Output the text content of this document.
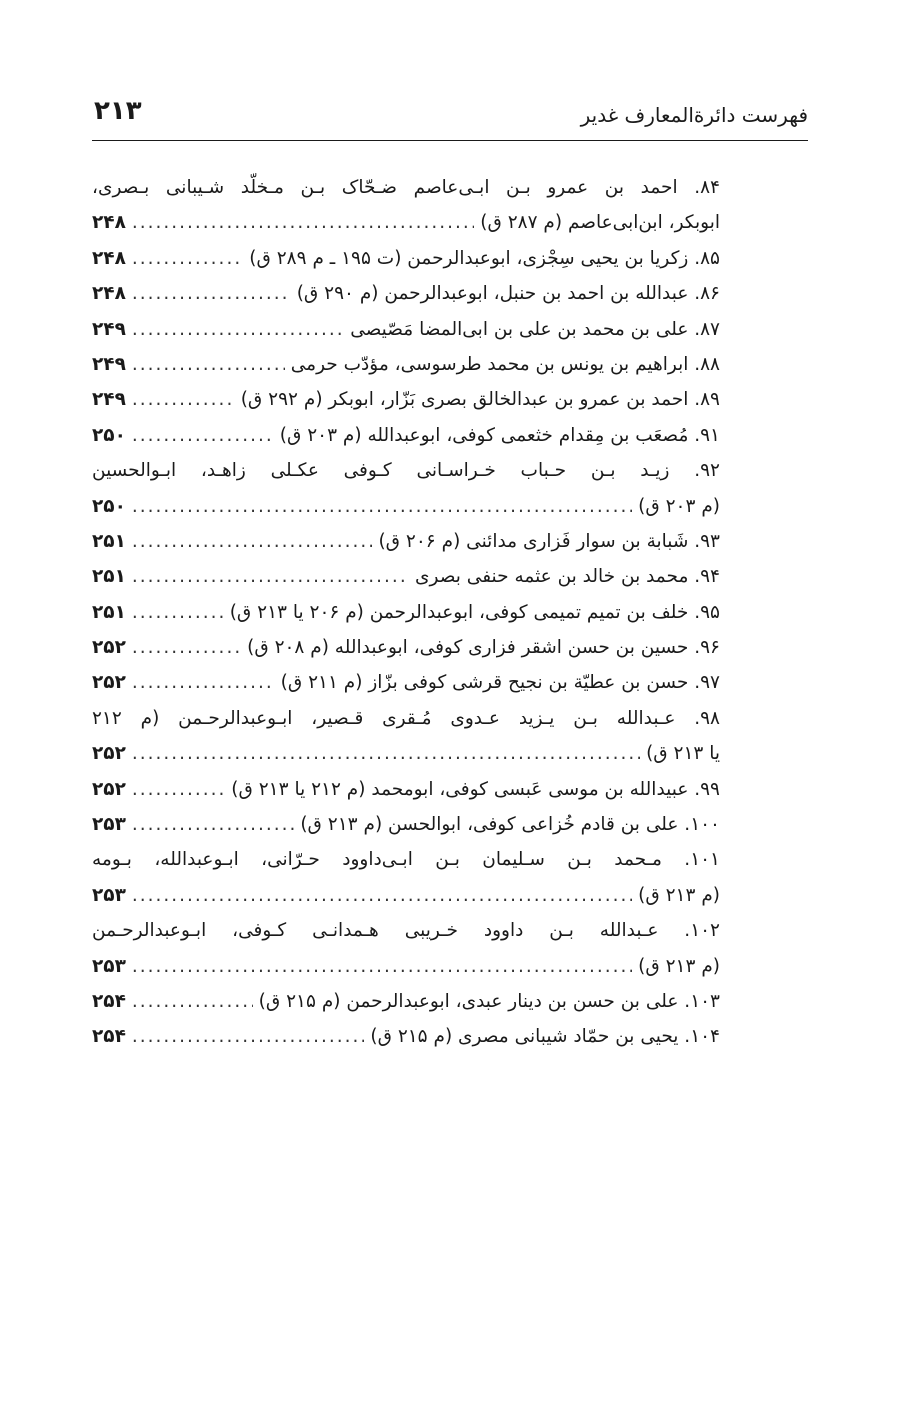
فهرست دائرة‌المعارف غدیر
۲۱۳
۸۴. احمد بن عمرو بـن ابـی‌عاصم ضـحّاک بـن مـخلّد شـیبانی بـصری،
ابوبکر، ابن‌ابی‌عاصم (م ۲۸۷ ق)
.....
۲۴۸
۸۵. زکریا بن یحیی سِجْزی، ابوعبدالرحمن (ت ۱۹۵ ـ م ۲۸۹ ق)
.....
۲۴۸
۸۶. عبدالله بن احمد بن حنبل، ابوعبدالرحمن (م ۲۹۰ ق)
.....
۲۴۸
۸۷. علی بن محمد بن علی بن ابی‌المضا مَصّیصی
.....
۲۴۹
۸۸. ابراهیم بن یونس بن محمد طرسوسی، مؤدّب حرمی
.....
۲۴۹
۸۹. احمد بن عمرو بن عبدالخالق بصری بَزّار، ابوبکر (م ۲۹۲ ق)
.....
۲۴۹
۹۱. مُصعَب بن مِقدام خثعمی کوفی، ابوعبدالله (م ۲۰۳ ق)
.....
۲۵۰
۹۲. زیـد بـن حـباب خـراسـانی کـوفی عکـلی زاهـد، ابـوالحسین
(م ۲۰۳ ق)
.....
۲۵۰
۹۳. شَبابة بن سوار فَزاری مدائنی (م ۲۰۶ ق)
.....
۲۵۱
۹۴. محمد بن خالد بن عثمه حنفی بصری
.....
۲۵۱
۹۵. خلف بن تمیم تمیمی کوفی، ابوعبدالرحمن (م ۲۰۶ یا ۲۱۳ ق)
.....
۲۵۱
۹۶. حسین بن حسن اشقر فزاری کوفی، ابوعبدالله (م ۲۰۸ ق)
.....
۲۵۲
۹۷. حسن بن عطیّة بن نجیح قرشی کوفی بزّاز (م ۲۱۱ ق)
.....
۲۵۲
۹۸. عـبدالله بـن یـزید عـدوی مُـقری قـصیر، ابـوعبدالرحـمن (م ۲۱۲
یا ۲۱۳ ق)
.....
۲۵۲
۹۹. عبیدالله بن موسی عَبسی کوفی، ابومحمد (م ۲۱۲ یا ۲۱۳ ق)
.....
۲۵۲
۱۰۰. علی بن قادم خُزاعی کوفی، ابوالحسن (م ۲۱۳ ق)
.....
۲۵۳
۱۰۱. مـحمد بـن سـلیمان بـن ابـی‌داوود حـرّانی، ابـوعبدالله، بـومه
(م ۲۱۳ ق)
.....
۲۵۳
۱۰۲. عـبدالله بـن داوود خـریبی هـمدانـی کـوفی، ابـوعبدالرحـمن
(م ۲۱۳ ق)
.....
۲۵۳
۱۰۳. علی بن حسن بن دینار عبدی، ابوعبدالرحمن (م ۲۱۵ ق)
.....
۲۵۴
۱۰۴. یحیی بن حمّاد شیبانی مصری (م ۲۱۵ ق)
.....
۲۵۴
